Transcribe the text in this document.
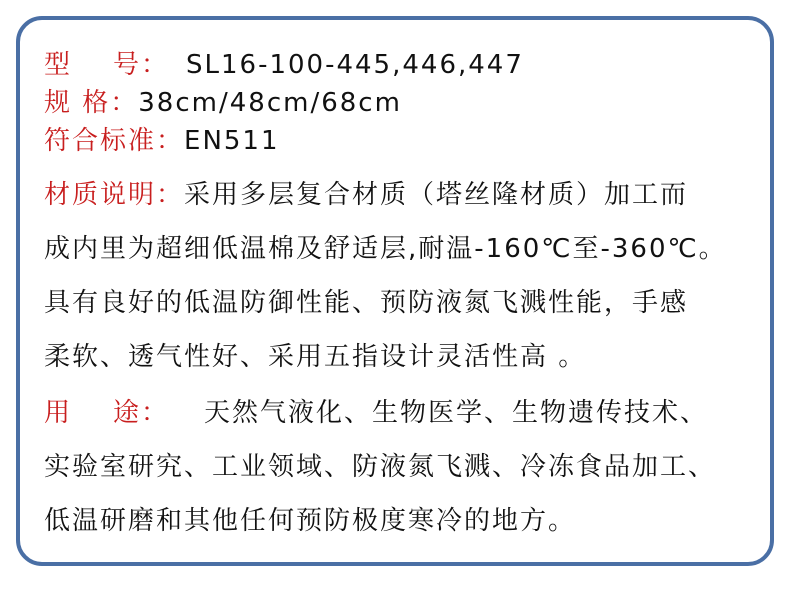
型    号： SL16-100-445,446,447
规 格：38cm/48cm/68cm
符合标准：EN511
材质说明：采用多层复合材质（塔丝隆材质）加工而
成内里为超细低温棉及舒适层,耐温-160℃至-360℃。
具有良好的低温防御性能、预防液氮飞溅性能，手感
柔软、透气性好、采用五指设计灵活性高 。
用    途： 天然气液化、生物医学、生物遗传技术、
实验室研究、工业领域、防液氮飞溅、冷冻食品加工、
低温研磨和其他任何预防极度寒冷的地方。
